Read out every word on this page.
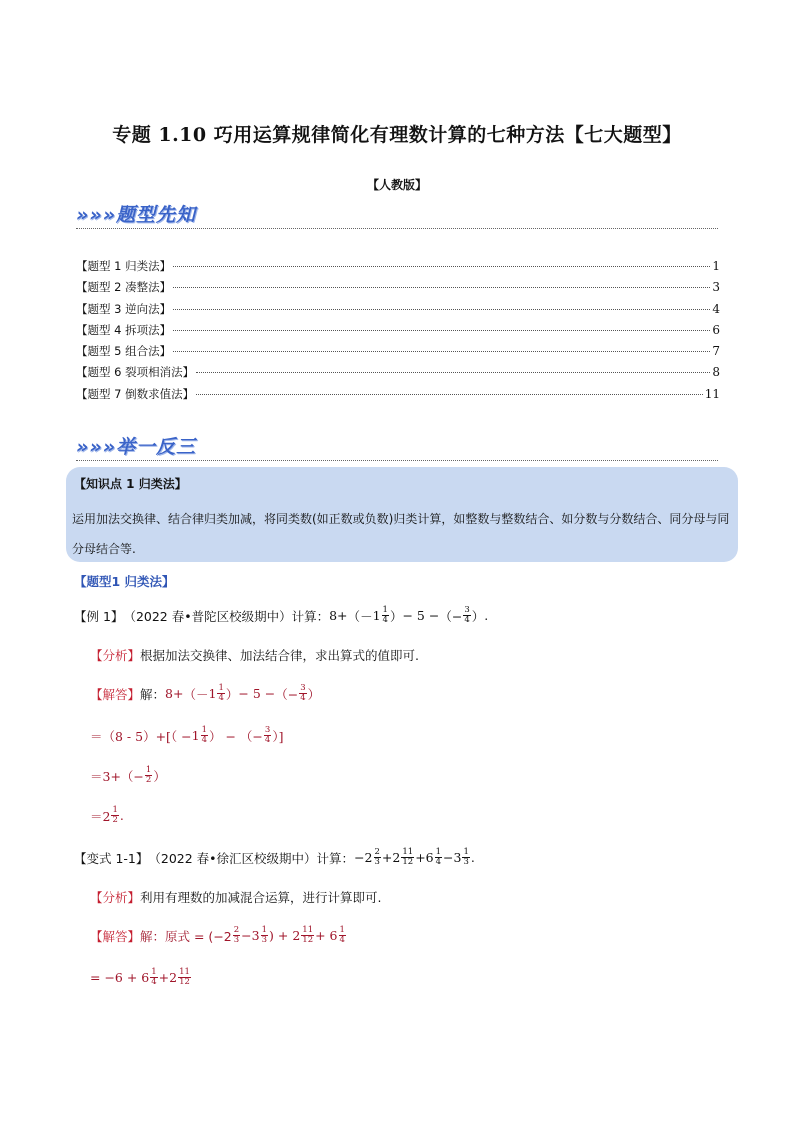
专题 1.10 巧用运算规律简化有理数计算的七种方法【七大题型】
【人教版】
»»»题型先知
【题型 1 归类法】	1
【题型 2 凑整法】	3
【题型 3 逆向法】	4
【题型 4 拆项法】	6
【题型 5 组合法】	7
【题型 6 裂项相消法】	8
【题型 7 倒数求值法】	11
»»»举一反三
【知识点 1 归类法】
运用加法交换律、结合律归类加减，将同类数(如正数或负数)归类计算，如整数与整数结合、如分数与分数结合、同分母与同分母结合等.
【题型1 归类法】
【例 1】 （2022 春•普陀区校级期中）计算： 8+ （ － $1 \frac{1}{4}$ ） − 5 − （− $\frac{3}{4}$ ） .
【分析】 根据加法交换律、加法结合律，求出算式的值即可.
【解答】 解： 8+ （ － $1 \frac{1}{4}$ ） − 5 − （− $\frac{3}{4}$ ）
$=(8 - 5)+[( - 1 \frac{1}{4}$ ） − （− $\frac{3}{4}$ ）]
$=3+(- \frac{1}{2}$ ）
$=2 \frac{1}{2}$ .
【变式 1-1】 （2022 春•徐汇区校级期中）计算： $-2 \frac{2}{3} +2 \frac{11}{12} +6 \frac{1}{4} -3 \frac{1}{3}$ .
【分析】 利用有理数的加减混合运算，进行计算即可.
【解答】 解：原式 = ($-2 \frac{2}{3} -3 \frac{1}{3}$ ) + $2 \frac{11}{12} + 6 \frac{1}{4}$
= $-6 + 6 \frac{1}{4} +2 \frac{11}{12}$
